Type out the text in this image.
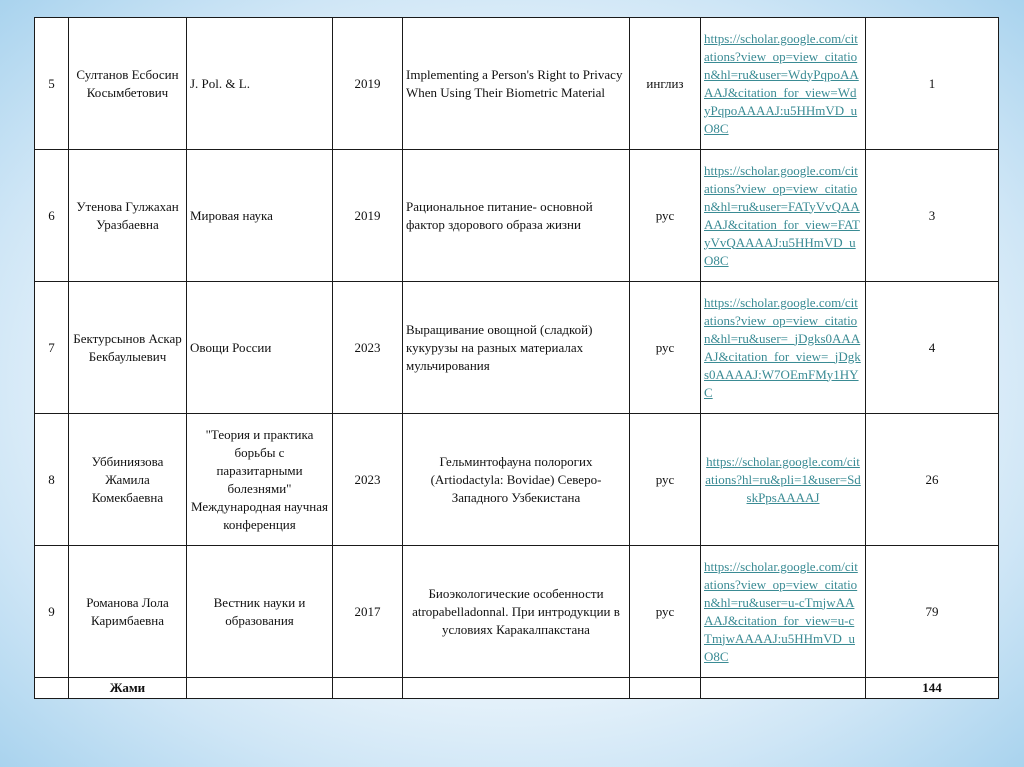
5	Султанов Есбосин Косымбетович	J. Pol. & L.	2019	Implementing a Person's Right to Privacy When Using Their Biometric Material	инглиз	https://scholar.google.com/citations?view_op=view_citation&hl=ru&user=WdyPqpoAAAAJ&citation_for_view=WdyPqpoAAAAJ:u5HHmVD_uO8C	1
6	Утенова Гулжахан Уразбаевна	Мировая наука	2019	Рациональное питание- основной фактор здорового образа жизни	рус	https://scholar.google.com/citations?view_op=view_citation&hl=ru&user=FATyVvQAAAAJ&citation_for_view=FATyVvQAAAAJ:u5HHmVD_uO8C	3
7	Бектурсынов Аскар Бекбаулыевич	Овощи России	2023	Выращивание овощной (сладкой) кукурузы на разных материалах мульчирования	рус	https://scholar.google.com/citations?view_op=view_citation&hl=ru&user=_jDgks0AAAAJ&citation_for_view=_jDgks0AAAAJ:W7OEmFMy1HYC	4
8	Уббиниязова Жамила Комекбаевна	"Теория и практика борьбы с паразитарными болезнями" Международная научная конференция	2023	Гельминтофауна полорогих (Artiodactyla: Bovidae) Северо-Западного Узбекистана	рус	https://scholar.google.com/citations?hl=ru&pli=1&user=SdskPpsAAAAJ	26
9	Романова Лола Каримбаевна	Вестник науки и образования	2017	Биоэкологические особенности atropabelladonnal. При интродукции в условиях Каракалпакстана	рус	https://scholar.google.com/citations?view_op=view_citation&hl=ru&user=u-cTmjwAAAAJ&citation_for_view=u-cTmjwAAAAJ:u5HHmVD_uO8C	79
	Жами						144
